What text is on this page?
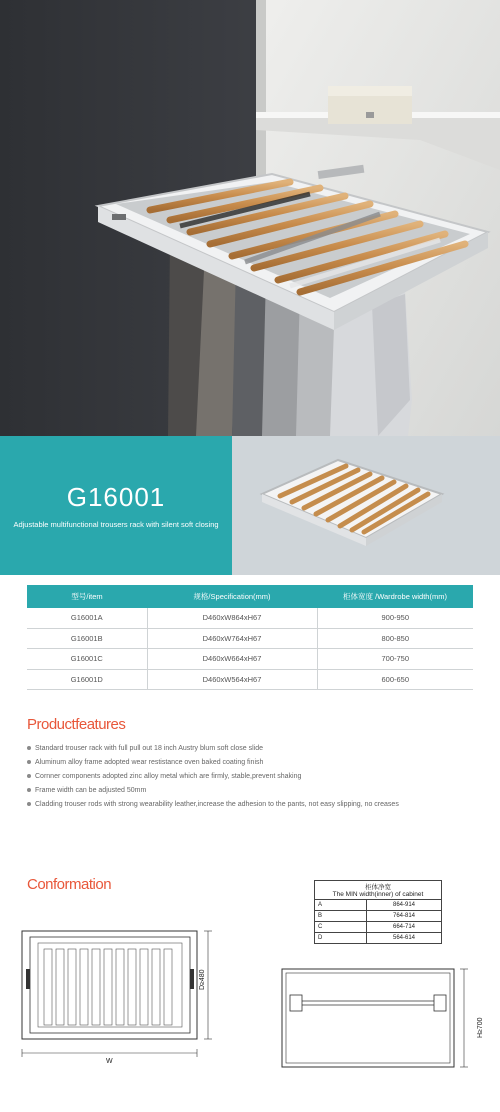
G16001
Adjustable multifunctional trousers rack with silent soft closing
型号/item	规格/Specification(mm)	柜体宽度 /Wardrobe width(mm)
G16001A	D460xW864xH67	900-950
G16001B	D460xW764xH67	800-850
G16001C	D460xW664xH67	700-750
G16001D	D460xW564xH67	600-650
Productfeatures
Standard trouser rack with full pull out 18 inch Austry blum soft close slide
Aluminum alloy frame adopted wear restistance oven baked coating finish
Cornner components adopted zinc alloy metal which are firmly, stable,prevent shaking
Frame width can be adjusted 50mm
Cladding trouser rods with strong wearability leather,increase the adhesion to the pants, not easy slipping, no creases
Conformation	柜体净宽
The MIN width(inner) of cabinet	

A	864-914
B	764-814
C	664-714
D	564-614
D≥480
W
H≥700
